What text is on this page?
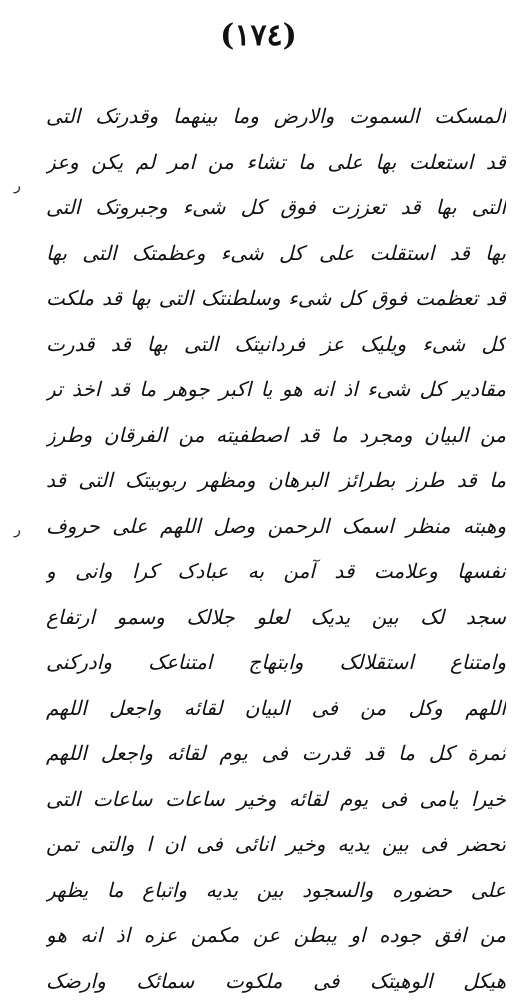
(١٧٤)
ﺭ
ﺭ
المسکت السموت والارض وما بینهما وقدرتک التی
قد استعلت بها علی ما تشاء من امر لم یکن وعز
التی بها قد تعززت فوق کل شیء وجبروتک التی
بها قد استقلت علی کل شیء وعظمتک التی بها
قد تعظمت فوق کل شیء وسلطنتک التی بها قد ملکت
کل شیء ویلیک عز فردانیتک التی بها قد قدرت
مقادیر کل شیء اذ انه هو یا اکبر جوهر ما قد اخذ تر
من البیان ومجرد ما قد اصطفیته من الفرقان وطرز
ما قد طرز بطرائز البرهان ومظهر ربوبیتک التی قد
وهبته منظر اسمک الرحمن وصل اللهم علی حروف
نفسها وعلامت قد آمن به عبادک کرا وانی و
سجد لک بین یدیک لعلو جلالک وسمو ارتفاع
وامتناع استقلالک وابتهاج امتناعک وادرکنی
اللهم وکل من فی البیان لقائه واجعل اللهم
ثمرة کل ما قد قدرت فی یوم لقائه واجعل اللهم
خیرا یامی فی یوم لقائه وخیر ساعات ساعات التی
تحضر فی بین یدیه وخیر انائی فی ان ا والتی تمن
علی حضوره والسجود بین یدیه واتباع ما یظهر
من افق جوده او یبطن عن مکمن عزه اذ انه هو
هیکل الوهیتک فی ملکوت سمائک وارضک
